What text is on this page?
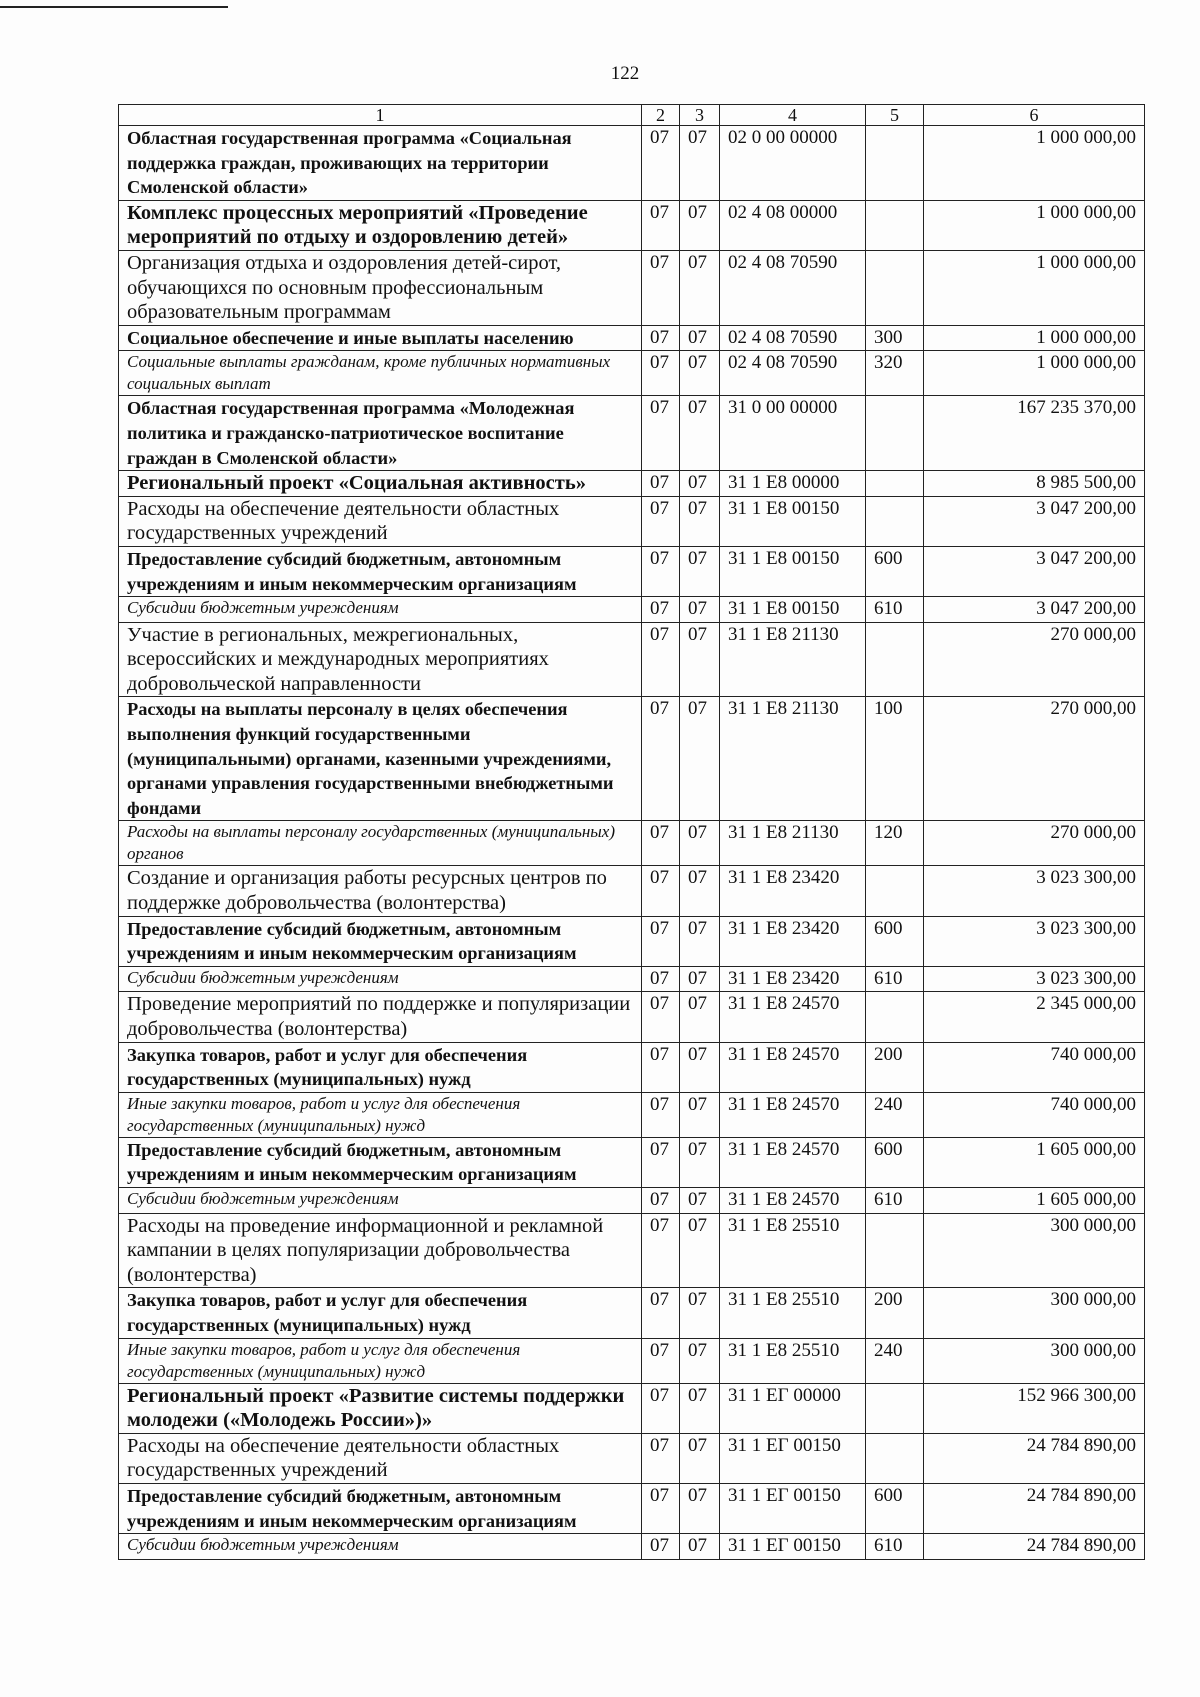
122
1	2	3	4	5	6
Областная государственная программа «Социальная поддержка граждан, проживающих на территории Смоленской области»	07	07	02 0 00 00000		1 000 000,00
Комплекс процессных мероприятий «Проведение мероприятий по отдыху и оздоровлению детей»	07	07	02 4 08 00000		1 000 000,00
Организация отдыха и оздоровления детей-сирот, обучающихся по основным профессиональным образовательным программам	07	07	02 4 08 70590		1 000 000,00
Социальное обеспечение и иные выплаты населению	07	07	02 4 08 70590	300	1 000 000,00
Социальные выплаты гражданам, кроме публичных нормативных социальных выплат	07	07	02 4 08 70590	320	1 000 000,00
Областная государственная программа «Молодежная политика и гражданско-патриотическое воспитание граждан в Смоленской области»	07	07	31 0 00 00000		167 235 370,00
Региональный проект «Социальная активность»	07	07	31 1 E8 00000		8 985 500,00
Расходы на обеспечение деятельности областных государственных учреждений	07	07	31 1 E8 00150		3 047 200,00
Предоставление субсидий бюджетным, автономным учреждениям и иным некоммерческим организациям	07	07	31 1 E8 00150	600	3 047 200,00
Субсидии бюджетным учреждениям	07	07	31 1 E8 00150	610	3 047 200,00
Участие в региональных, межрегиональных, всероссийских и международных мероприятиях добровольческой направленности	07	07	31 1 E8 21130		270 000,00
Расходы на выплаты персоналу в целях обеспечения выполнения функций государственными (муниципальными) органами, казенными учреждениями, органами управления государственными внебюджетными фондами	07	07	31 1 E8 21130	100	270 000,00
Расходы на выплаты персоналу государственных (муниципальных) органов	07	07	31 1 E8 21130	120	270 000,00
Создание и организация работы ресурсных центров по поддержке добровольчества (волонтерства)	07	07	31 1 E8 23420		3 023 300,00
Предоставление субсидий бюджетным, автономным учреждениям и иным некоммерческим организациям	07	07	31 1 E8 23420	600	3 023 300,00
Субсидии бюджетным учреждениям	07	07	31 1 E8 23420	610	3 023 300,00
Проведение мероприятий по поддержке и популяризации добровольчества (волонтерства)	07	07	31 1 E8 24570		2 345 000,00
Закупка товаров, работ и услуг для обеспечения государственных (муниципальных) нужд	07	07	31 1 E8 24570	200	740 000,00
Иные закупки товаров, работ и услуг для обеспечения государственных (муниципальных) нужд	07	07	31 1 E8 24570	240	740 000,00
Предоставление субсидий бюджетным, автономным учреждениям и иным некоммерческим организациям	07	07	31 1 E8 24570	600	1 605 000,00
Субсидии бюджетным учреждениям	07	07	31 1 E8 24570	610	1 605 000,00
Расходы на проведение информационной и рекламной кампании в целях популяризации добровольчества (волонтерства)	07	07	31 1 E8 25510		300 000,00
Закупка товаров, работ и услуг для обеспечения государственных (муниципальных) нужд	07	07	31 1 E8 25510	200	300 000,00
Иные закупки товаров, работ и услуг для обеспечения государственных (муниципальных) нужд	07	07	31 1 E8 25510	240	300 000,00
Региональный проект «Развитие системы поддержки молодежи («Молодежь России»)»	07	07	31 1 ЕГ 00000		152 966 300,00
Расходы на обеспечение деятельности областных государственных учреждений	07	07	31 1 ЕГ 00150		24 784 890,00
Предоставление субсидий бюджетным, автономным учреждениям и иным некоммерческим организациям	07	07	31 1 ЕГ 00150	600	24 784 890,00
Субсидии бюджетным учреждениям	07	07	31 1 ЕГ 00150	610	24 784 890,00
